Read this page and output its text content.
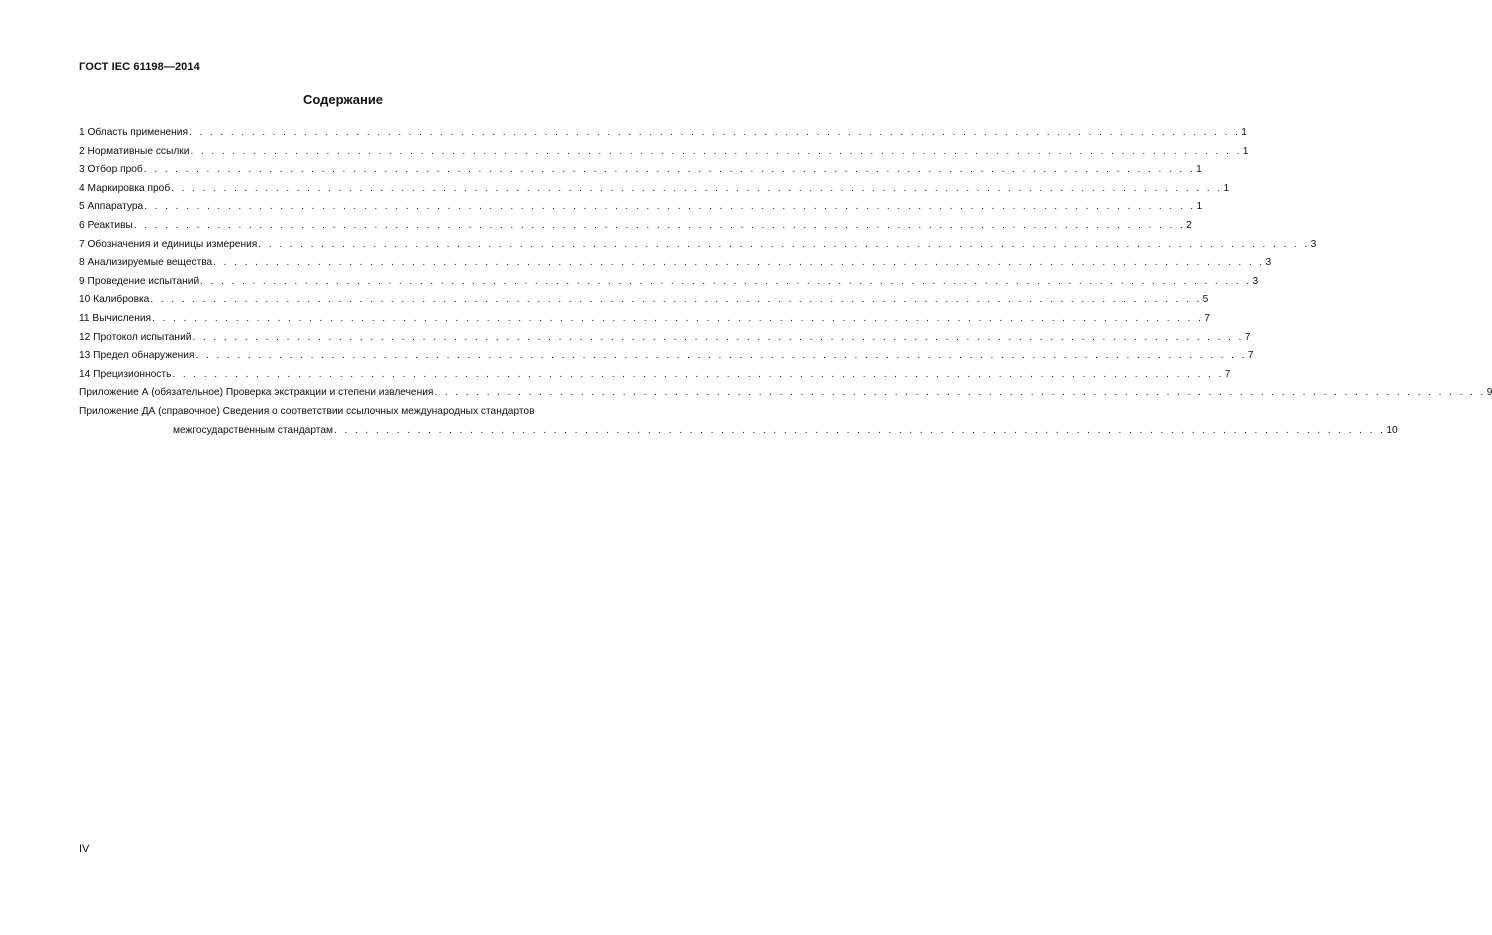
ГОСТ IEC 61198—2014
Содержание
1 Область применения . . . . . . . . . . . . . . . . . . . . . . . . . . . . . . . . . . . . . . . . . . . . . . . . . . . . . . . . . . . . . . . . . . . . . . . . . . . . . . . . . . . . . . . . . . . . . . . . . . . . . 1
2 Нормативные ссылки . . . . . . . . . . . . . . . . . . . . . . . . . . . . . . . . . . . . . . . . . . . . . . . . . . . . . . . . . . . . . . . . . . . . . . . . . . . . . . . . . . . . . . . . . . . . . . . . . . . . . 1
3 Отбор проб . . . . . . . . . . . . . . . . . . . . . . . . . . . . . . . . . . . . . . . . . . . . . . . . . . . . . . . . . . . . . . . . . . . . . . . . . . . . . . . . . . . . . . . . . . . . . . . . . . . . . 1
4 Маркировка проб . . . . . . . . . . . . . . . . . . . . . . . . . . . . . . . . . . . . . . . . . . . . . . . . . . . . . . . . . . . . . . . . . . . . . . . . . . . . . . . . . . . . . . . . . . . . . . . . . . . . . 1
5 Аппаратура . . . . . . . . . . . . . . . . . . . . . . . . . . . . . . . . . . . . . . . . . . . . . . . . . . . . . . . . . . . . . . . . . . . . . . . . . . . . . . . . . . . . . . . . . . . . . . . . . . . . . 1
6 Реактивы . . . . . . . . . . . . . . . . . . . . . . . . . . . . . . . . . . . . . . . . . . . . . . . . . . . . . . . . . . . . . . . . . . . . . . . . . . . . . . . . . . . . . . . . . . . . . . . . . . . . . 2
7 Обозначения и единицы измерения . . . . . . . . . . . . . . . . . . . . . . . . . . . . . . . . . . . . . . . . . . . . . . . . . . . . . . . . . . . . . . . . . . . . . . . . . . . . . . . . . . . . . . . . . . . . . . . . . . . . . 3
8 Анализируемые вещества . . . . . . . . . . . . . . . . . . . . . . . . . . . . . . . . . . . . . . . . . . . . . . . . . . . . . . . . . . . . . . . . . . . . . . . . . . . . . . . . . . . . . . . . . . . . . . . . . . . . . 3
9 Проведение испытаний . . . . . . . . . . . . . . . . . . . . . . . . . . . . . . . . . . . . . . . . . . . . . . . . . . . . . . . . . . . . . . . . . . . . . . . . . . . . . . . . . . . . . . . . . . . . . . . . . . . . . 3
10 Калибровка . . . . . . . . . . . . . . . . . . . . . . . . . . . . . . . . . . . . . . . . . . . . . . . . . . . . . . . . . . . . . . . . . . . . . . . . . . . . . . . . . . . . . . . . . . . . . . . . . . . . . 5
11 Вычисления . . . . . . . . . . . . . . . . . . . . . . . . . . . . . . . . . . . . . . . . . . . . . . . . . . . . . . . . . . . . . . . . . . . . . . . . . . . . . . . . . . . . . . . . . . . . . . . . . . . . . 7
12 Протокол испытаний . . . . . . . . . . . . . . . . . . . . . . . . . . . . . . . . . . . . . . . . . . . . . . . . . . . . . . . . . . . . . . . . . . . . . . . . . . . . . . . . . . . . . . . . . . . . . . . . . . . . . 7
13 Предел обнаружения . . . . . . . . . . . . . . . . . . . . . . . . . . . . . . . . . . . . . . . . . . . . . . . . . . . . . . . . . . . . . . . . . . . . . . . . . . . . . . . . . . . . . . . . . . . . . . . . . . . . . 7
14 Прецизионность . . . . . . . . . . . . . . . . . . . . . . . . . . . . . . . . . . . . . . . . . . . . . . . . . . . . . . . . . . . . . . . . . . . . . . . . . . . . . . . . . . . . . . . . . . . . . . . . . . . . . 7
Приложение А (обязательное) Проверка экстракции и степени извлечения . . . . . . . . . . . . . . . . . . . . . . . . . . . . . . . . . . . . . . . . . . . . . . . . . . . . . . . . . . . . . . . . . . . . . . . . . . . . . . . . . . . . . . . . . . . . . . . . . . . . . 9
Приложение ДА (справочное) Сведения о соответствии ссылочных международных стандартов
межгосударственным стандартам . . . . . . . . . . . . . . . . . . . . . . . . . . . . . . . . . . . . . . . . . . . . . . . . . . . . . . . . . . . . . . . . . . . . . . . . . . . . . . . . . . . . . . . . . . . . . . . . . . . . . 10
IV
